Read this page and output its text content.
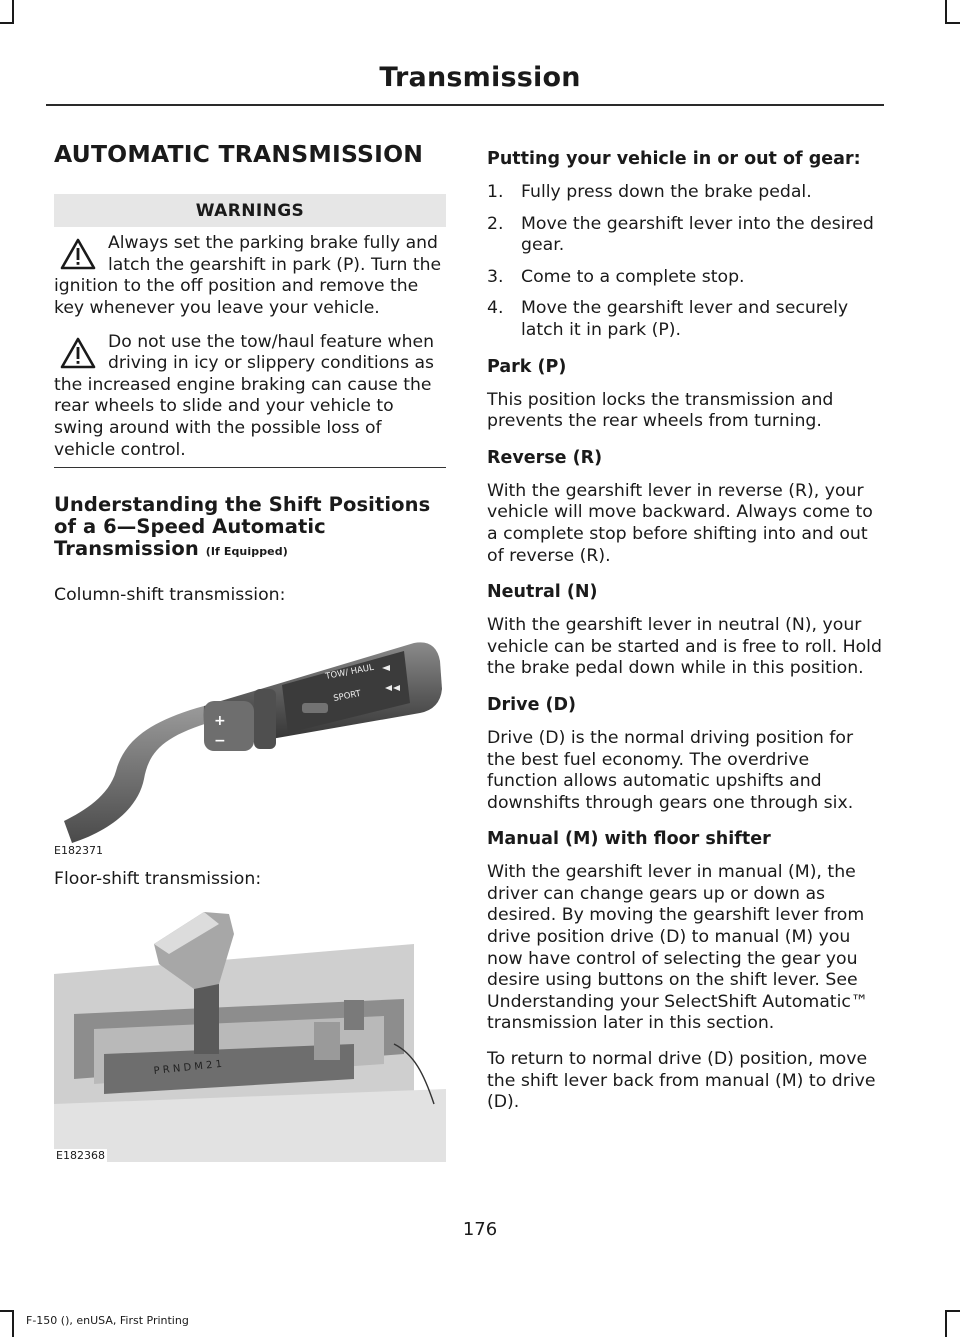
Transmission
AUTOMATIC TRANSMISSION
WARNINGS
Always set the parking brake fully and latch the gearshift in park (P). Turn the ignition to the off position and remove the key whenever you leave your vehicle.
Do not use the tow/haul feature when driving in icy or slippery conditions as the increased engine braking can cause the rear wheels to slide and your vehicle to swing around with the possible loss of vehicle control.
Understanding the Shift Positions of a 6—Speed Automatic Transmission (If Equipped)
Column-shift transmission:
TOW/ HAUL
SPORT
+
−
E182371
Floor-shift transmission:
P R N D M 2 1
E182368
Putting your vehicle in or out of gear:
1. Fully press down the brake pedal.
2. Move the gearshift lever into the desired gear.
3. Come to a complete stop.
4. Move the gearshift lever and securely latch it in park (P).
Park (P)
This position locks the transmission and prevents the rear wheels from turning.
Reverse (R)
With the gearshift lever in reverse (R), your vehicle will move backward. Always come to a complete stop before shifting into and out of reverse (R).
Neutral (N)
With the gearshift lever in neutral (N), your vehicle can be started and is free to roll. Hold the brake pedal down while in this position.
Drive (D)
Drive (D) is the normal driving position for the best fuel economy. The overdrive function allows automatic upshifts and downshifts through gears one through six.
Manual (M) with floor shifter
With the gearshift lever in manual (M), the driver can change gears up or down as desired. By moving the gearshift lever from drive position drive (D) to manual (M) you now have control of selecting the gear you desire using buttons on the shift lever. See Understanding your SelectShift Automatic™ transmission later in this section.
To return to normal drive (D) position, move the shift lever back from manual (M) to drive (D).
176
F-150 (), enUSA, First Printing
